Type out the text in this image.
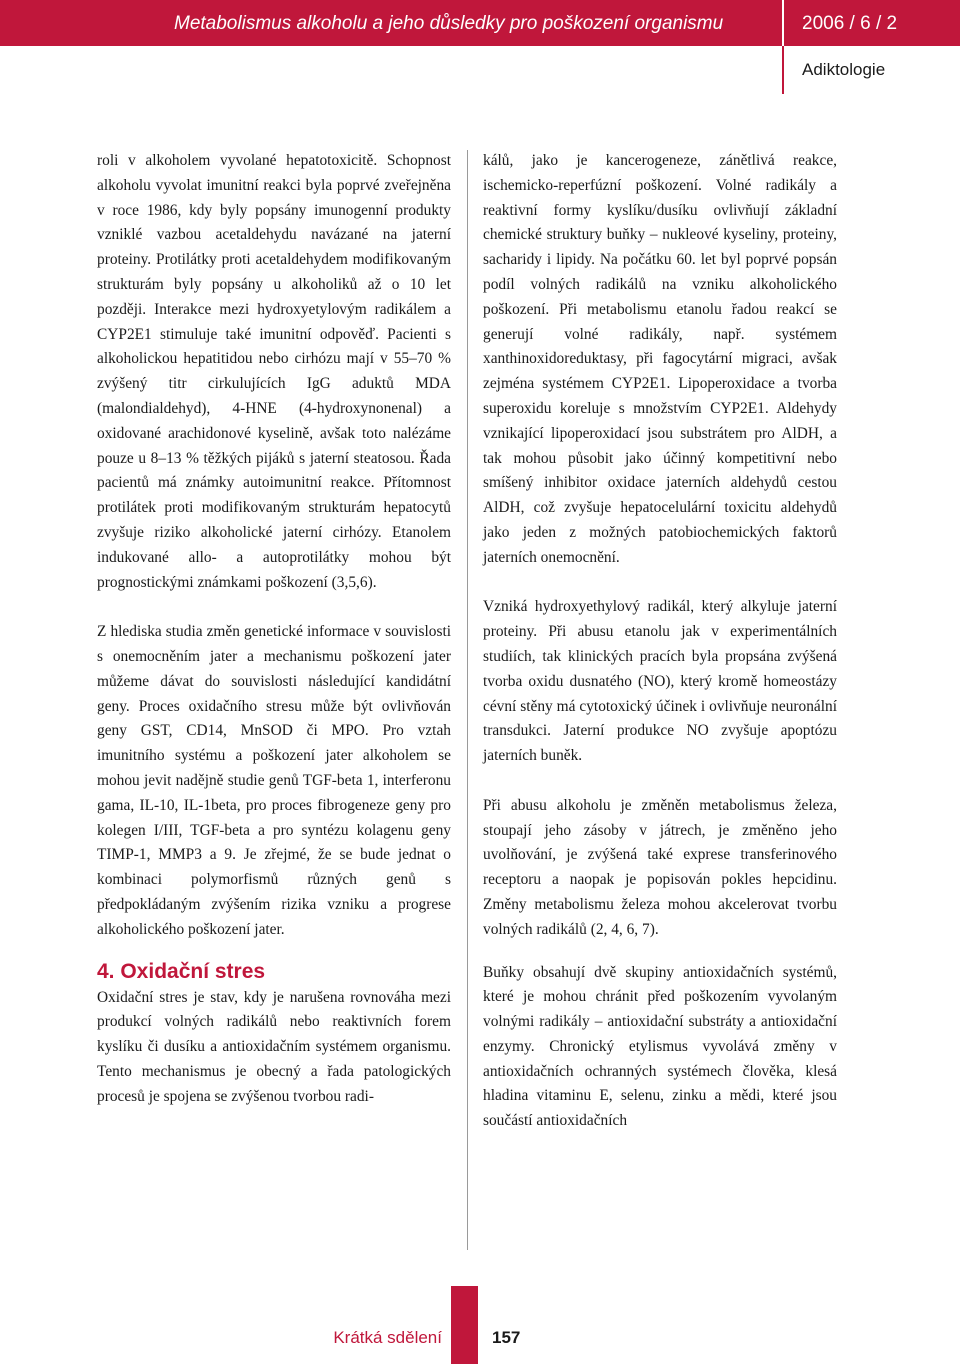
Metabolismus alkoholu a jeho důsledky pro poškození organismu	2006 / 6 / 2
Adiktologie

roli v alkoholem vyvolané hepatotoxicitě. Schopnost alkoholu vyvolat imunitní reakci byla poprvé zveřejněna v roce 1986, kdy byly popsány imunogenní produkty vzniklé vazbou acetaldehydu navázané na jaterní proteiny. Protilátky proti acetaldehydem modifikovaným strukturám byly popsány u alkoholiků až o 10 let později. Interakce mezi hydroxyetylovým radikálem a CYP2E1 stimuluje také imunitní odpověď. Pacienti s alkoholickou hepatitidou nebo cirhózu mají v 55–70 % zvýšený titr cirkulujících IgG aduktů MDA (malondialdehyd), 4-HNE (4-hydroxynonenal) a oxidované arachidonové kyselině, avšak toto nalézáme pouze u 8–13 % těžkých pijáků s jaterní steatosou. Řada pacientů má známky autoimunitní reakce. Přítomnost protilátek proti modifikovaným strukturám hepatocytů zvyšuje riziko alkoholické jaterní cirhózy. Etanolem indukované allo- a autoprotilátky mohou být prognostickými známkami poškození (3,5,6).

Z hlediska studia změn genetické informace v souvislosti s onemocněním jater a mechanismu poškození jater můžeme dávat do souvislosti následující kandidátní geny. Proces oxidačního stresu může být ovlivňován geny GST, CD14, MnSOD či MPO. Pro vztah imunitního systému a poškození jater alkoholem se mohou jevit nadějně studie genů TGF-beta 1, interferonu gama, IL-10, IL-1beta, pro proces fibrogeneze geny pro kolegen I/III, TGF-beta a pro syntézu kolagenu geny TIMP-1, MMP3 a 9. Je zřejmé, že se bude jednat o kombinaci polymorfismů různých genů s předpokládaným zvýšením rizika vzniku a progrese alkoholického poškození jater.

4. Oxidační stres

Oxidační stres je stav, kdy je narušena rovnováha mezi produkcí volných radikálů nebo reaktivních forem kyslíku či dusíku a antioxidačním systémem organismu. Tento mechanismus je obecný a řada patologických procesů je spojena se zvýšenou tvorbou radi-

kálů, jako je kancerogeneze, zánětlivá reakce, ischemicko-reperfúzní poškození. Volné radikály a reaktivní formy kyslíku/dusíku ovlivňují základní chemické struktury buňky – nukleové kyseliny, proteiny, sacharidy i lipidy. Na počátku 60. let byl poprvé popsán podíl volných radikálů na vzniku alkoholického poškození. Při metabolismu etanolu řadou reakcí se generují volné radikály, např. systémem xanthinoxidoreduktasy, při fagocytární migraci, avšak zejména systémem CYP2E1. Lipoperoxidace a tvorba superoxidu koreluje s množstvím CYP2E1. Aldehydy vznikající lipoperoxidací jsou substrátem pro AlDH, a tak mohou působit jako účinný kompetitivní nebo smíšený inhibitor oxidace jaterních aldehydů cestou AlDH, což zvyšuje hepatocelulární toxicitu aldehydů jako jeden z možných patobiochemických faktorů jaterních onemocnění.

Vzniká hydroxyethylový radikál, který alkyluje jaterní proteiny. Při abusu etanolu jak v experimentálních studiích, tak klinických pracích byla propsána zvýšená tvorba oxidu dusnatého (NO), který kromě homeostázy cévní stěny má cytotoxický účinek i ovlivňuje neuronální transdukci. Jaterní produkce NO zvyšuje apoptózu jaterních buněk.

Při abusu alkoholu je změněn metabolismus železa, stoupají jeho zásoby v játrech, je změněno jeho uvolňování, je zvýšená také exprese transferinového receptoru a naopak je popisován pokles hepcidinu. Změny metabolismu železa mohou akcelerovat tvorbu volných radikálů (2, 4, 6, 7).

Buňky obsahují dvě skupiny antioxidačních systémů, které je mohou chránit před poškozením vyvolaným volnými radikály – antioxidační substráty a antioxidační enzymy. Chronický etylismus vyvolává změny v antioxidačních ochranných systémech člověka, klesá hladina vitaminu E, selenu, zinku a mědi, které jsou součástí antioxidačních

Krátká sdělení	157
